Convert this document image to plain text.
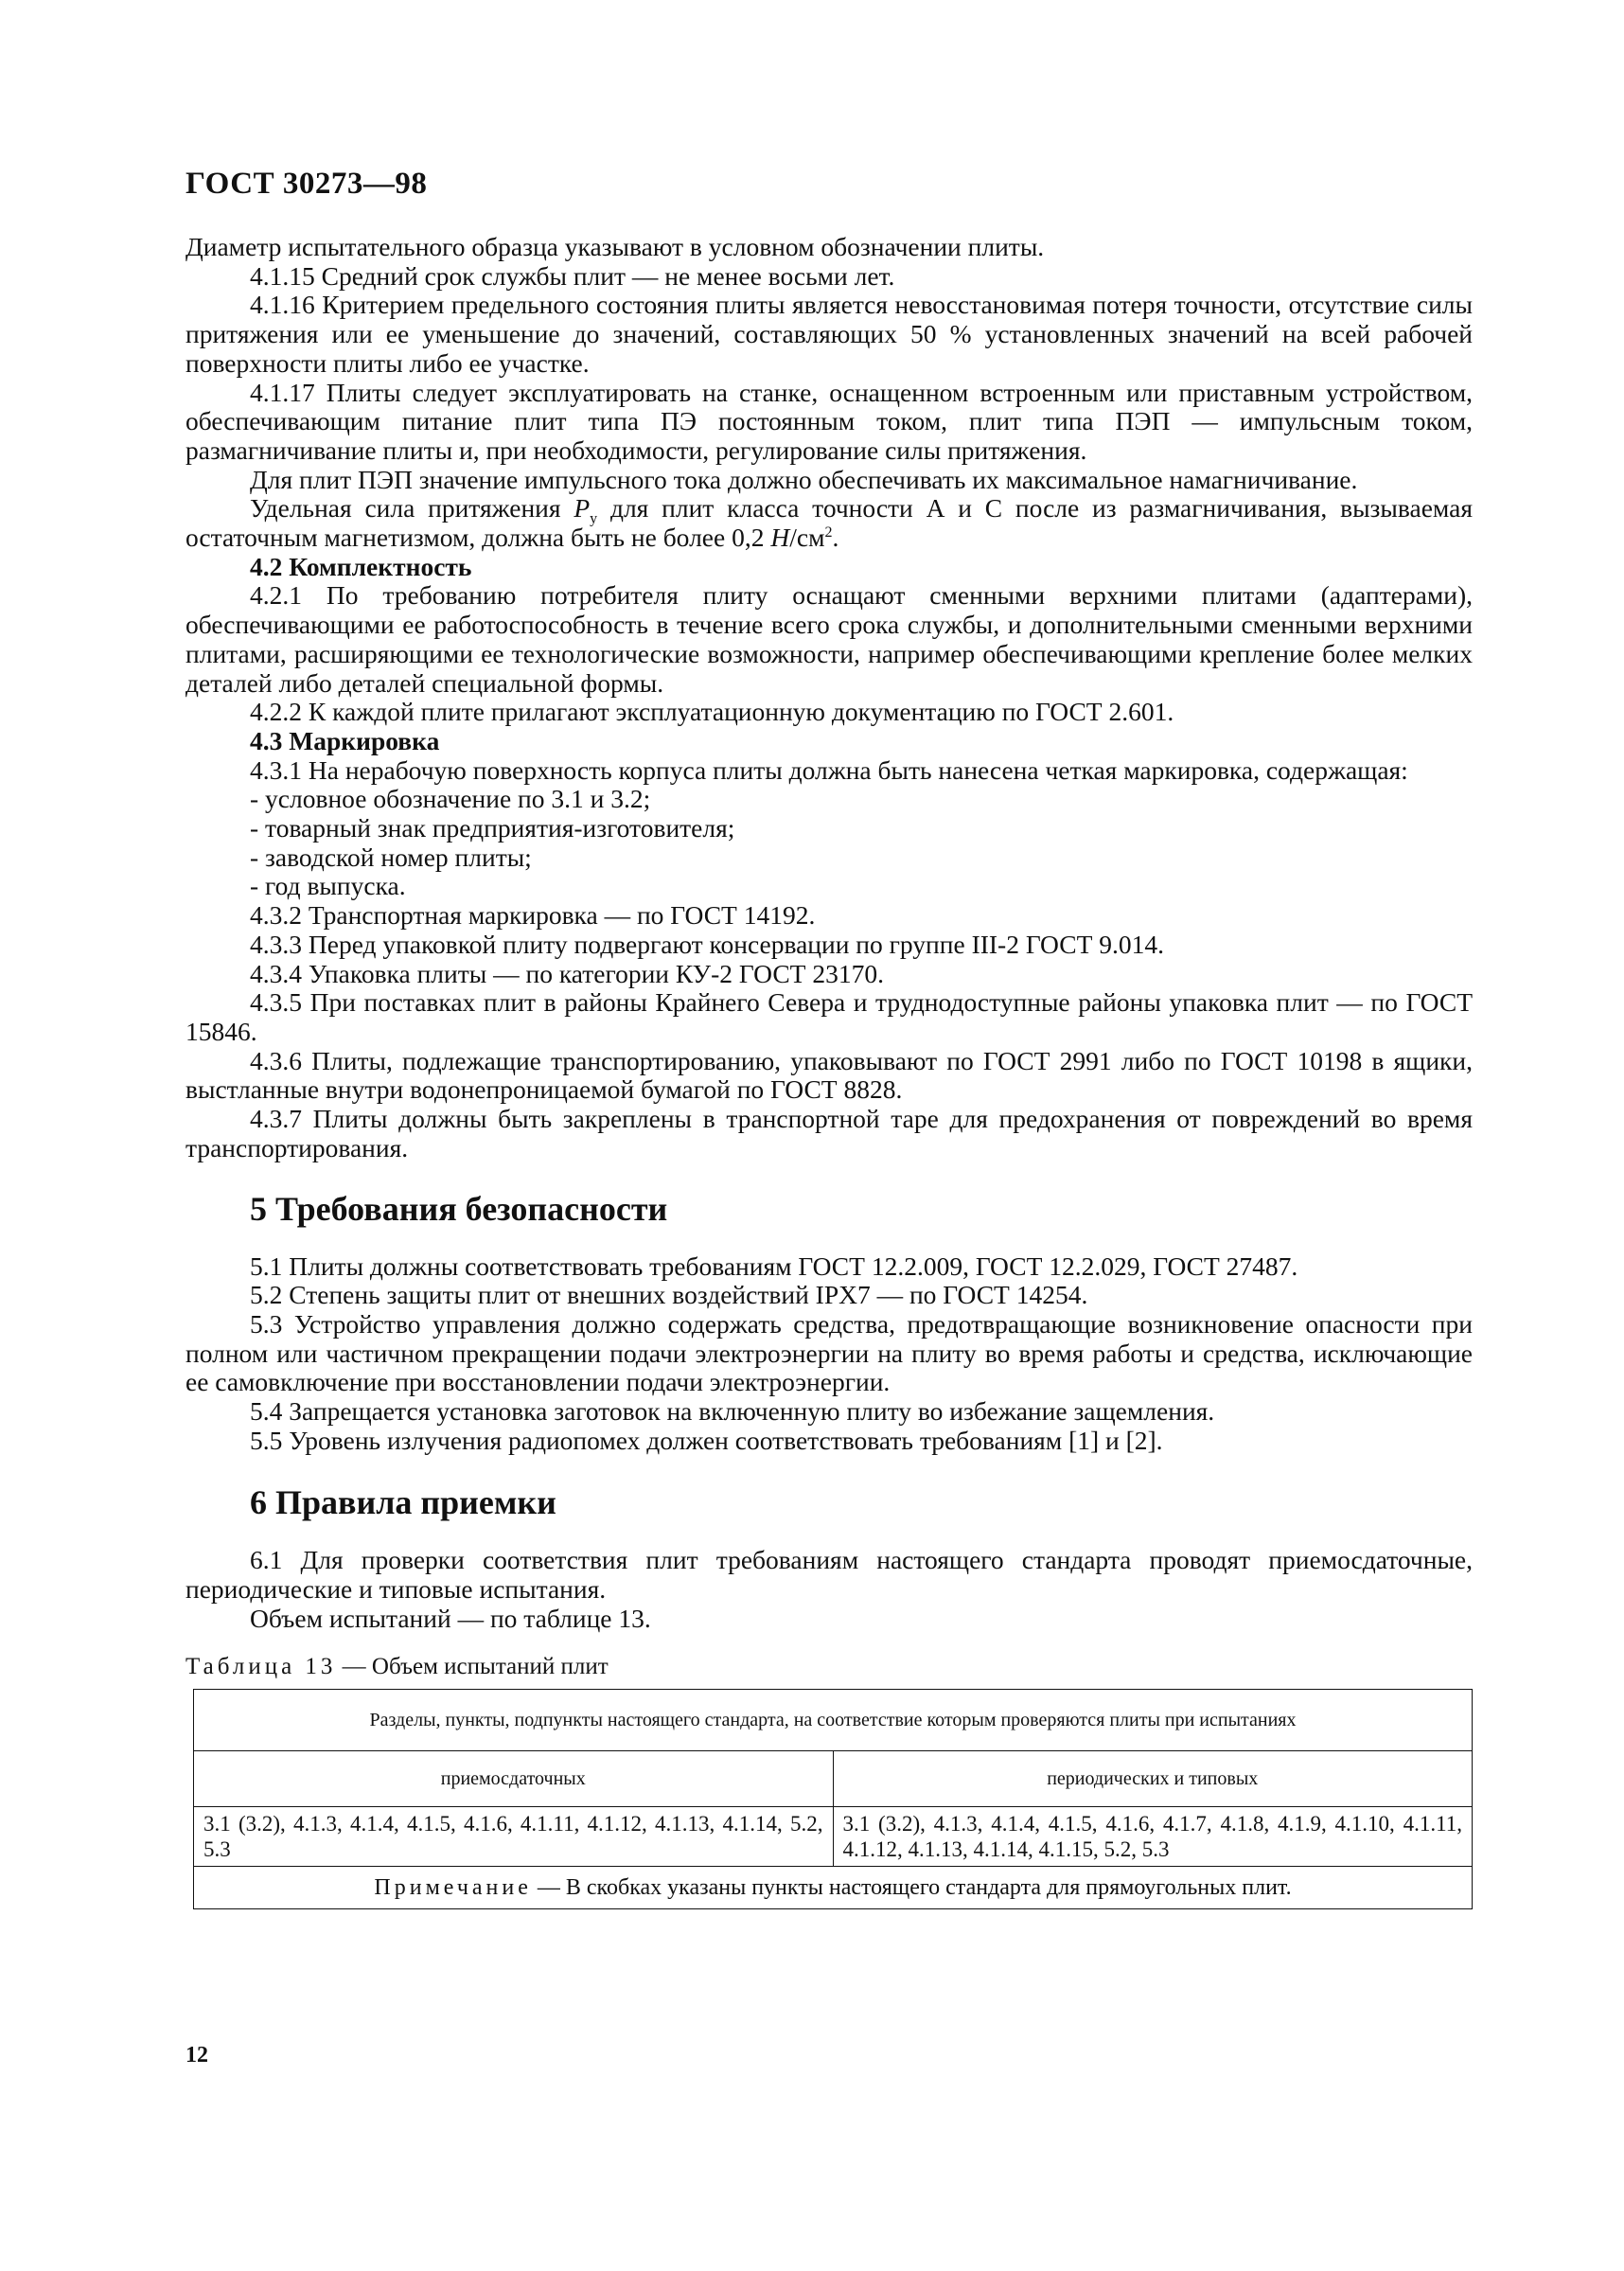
ГОСТ 30273—98

Диаметр испытательного образца указывают в условном обозначении плиты.

4.1.15 Средний срок службы плит — не менее восьми лет.

4.1.16 Критерием предельного состояния плиты является невосстановимая потеря точности, отсутствие силы притяжения или ее уменьшение до значений, составляющих 50 % установленных значений на всей рабочей поверхности плиты либо ее участке.

4.1.17 Плиты следует эксплуатировать на станке, оснащенном встроенным или приставным устройством, обеспечивающим питание плит типа ПЭ постоянным током, плит типа ПЭП — импульсным током, размагничивание плиты и, при необходимости, регулирование силы притяжения.

Для плит ПЭП значение импульсного тока должно обеспечивать их максимальное намагничивание.

Удельная сила притяжения $P_у$ для плит класса точности А и С после из размагничивания, вызываемая остаточным магнетизмом, должна быть не более 0,2 $Н/см^2$.

4.2 Комплектность

4.2.1 По требованию потребителя плиту оснащают сменными верхними плитами (адаптерами), обеспечивающими ее работоспособность в течение всего срока службы, и дополнительными сменными верхними плитами, расширяющими ее технологические возможности, например обеспечивающими крепление более мелких деталей либо деталей специальной формы.

4.2.2 К каждой плите прилагают эксплуатационную документацию по ГОСТ 2.601.

4.3 Маркировка

4.3.1 На нерабочую поверхность корпуса плиты должна быть нанесена четкая маркировка, содержащая:

- условное обозначение по 3.1 и 3.2;

- товарный знак предприятия-изготовителя;

- заводской номер плиты;

- год выпуска.

4.3.2 Транспортная маркировка — по ГОСТ 14192.

4.3.3 Перед упаковкой плиту подвергают консервации по группе III-2 ГОСТ 9.014.

4.3.4 Упаковка плиты — по категории КУ-2 ГОСТ 23170.

4.3.5 При поставках плит в районы Крайнего Севера и труднодоступные районы упаковка плит — по ГОСТ 15846.

4.3.6 Плиты, подлежащие транспортированию, упаковывают по ГОСТ 2991 либо по ГОСТ 10198 в ящики, выстланные внутри водонепроницаемой бумагой по ГОСТ 8828.

4.3.7 Плиты должны быть закреплены в транспортной таре для предохранения от повреждений во время транспортирования.

5 Требования безопасности

5.1 Плиты должны соответствовать требованиям ГОСТ 12.2.009, ГОСТ 12.2.029, ГОСТ 27487.

5.2 Степень защиты плит от внешних воздействий IPX7 — по ГОСТ 14254.

5.3 Устройство управления должно содержать средства, предотвращающие возникновение опасности при полном или частичном прекращении подачи электроэнергии на плиту во время работы и средства, исключающие ее самовключение при восстановлении подачи электроэнергии.

5.4 Запрещается установка заготовок на включенную плиту во избежание защемления.

5.5 Уровень излучения радиопомех должен соответствовать требованиям [1] и [2].

6 Правила приемки

6.1 Для проверки соответствия плит требованиям настоящего стандарта проводят приемосдаточные, периодические и типовые испытания.

Объем испытаний — по таблице 13.

Таблица 13 — Объем испытаний плит
Разделы, пункты, подпункты настоящего стандарта, на соответствие которым проверяются плиты при испытаниях	
приемосдаточных	периодических и типовых
3.1 (3.2), 4.1.3, 4.1.4, 4.1.5, 4.1.6, 4.1.11, 4.1.12, 4.1.13, 4.1.14, 5.2, 5.3	3.1 (3.2), 4.1.3, 4.1.4, 4.1.5, 4.1.6, 4.1.7, 4.1.8, 4.1.9, 4.1.10, 4.1.11, 4.1.12, 4.1.13, 4.1.14, 4.1.15, 5.2, 5.3
Примечание — В скобках указаны пункты настоящего стандарта для прямоугольных плит.	
12
